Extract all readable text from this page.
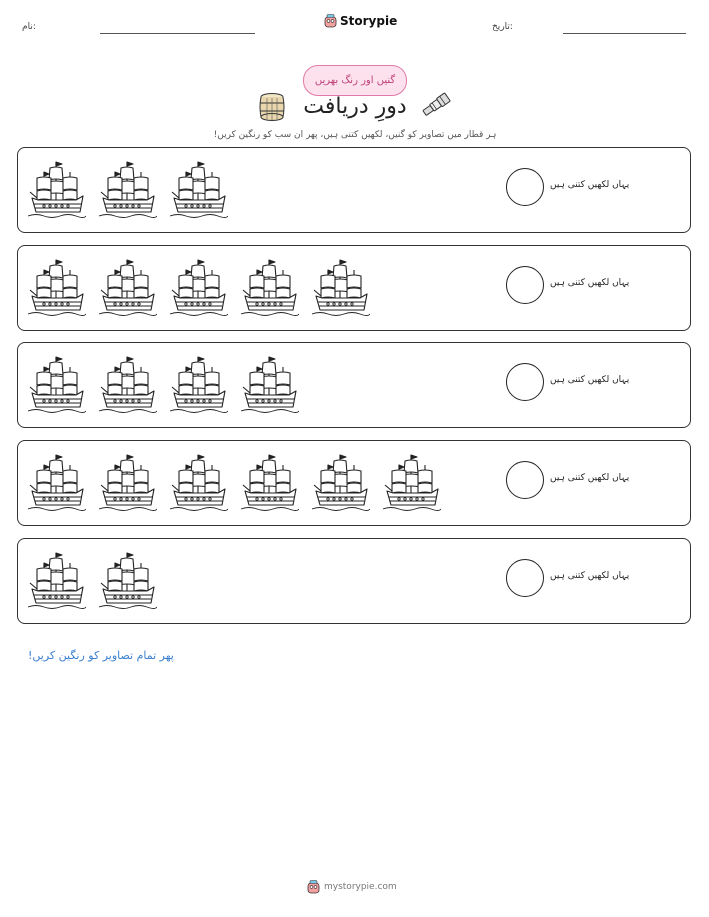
نام:	Storypie	تاریخ:
گنیں اور رنگ بھریں
دورِ دریافت
ہر قطار میں تصاویر کو گنیں، لکھیں کتنی ہیں، پھر ان سب کو رنگین کریں!
یہاں لکھیں کتنی ہیں
یہاں لکھیں کتنی ہیں
یہاں لکھیں کتنی ہیں
یہاں لکھیں کتنی ہیں
یہاں لکھیں کتنی ہیں
پھر تمام تصاویر کو رنگین کریں!
mystorypie.com
